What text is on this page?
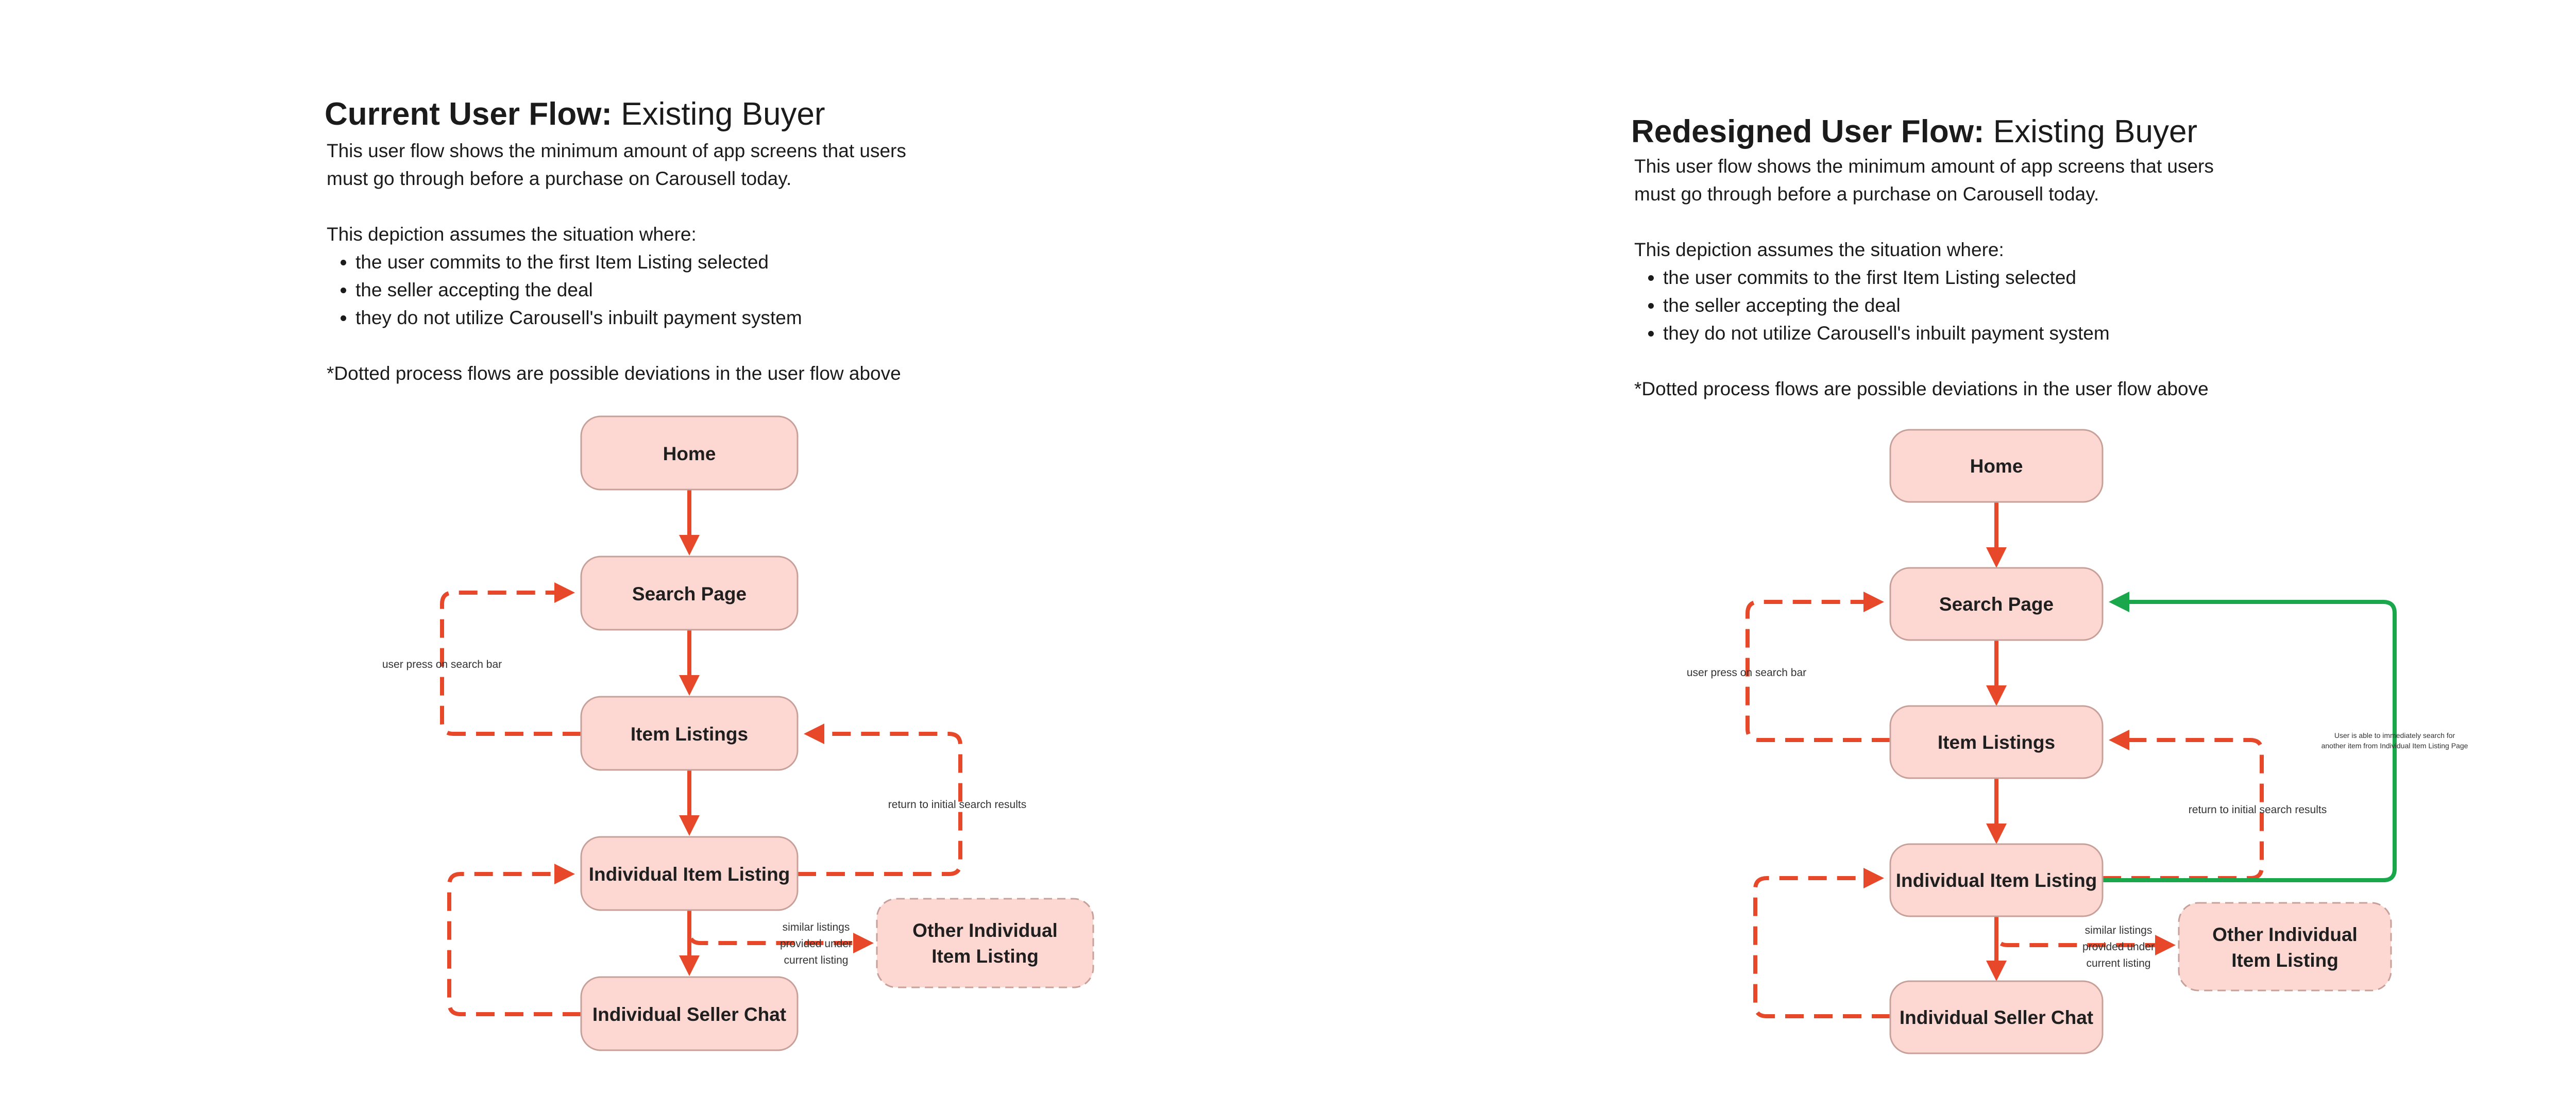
Current User Flow: Existing Buyer

This user flow shows the minimum amount of app screens that users

must go through before a purchase on Carousell today.

This depiction assumes the situation where:

• the user commits to the first Item Listing selected
• the seller accepting the deal
• they do not utilize Carousell's inbuilt payment system

*Dotted process flows are possible deviations in the user flow above

Home
Search Page
Item Listings
Individual Item Listing
Individual Seller Chat
Other Individual
Item Listing
user press on search bar
return to initial search results
similar listings
provided under
current listing
Redesigned User Flow: Existing Buyer

This user flow shows the minimum amount of app screens that users

must go through before a purchase on Carousell today.

This depiction assumes the situation where:

• the user commits to the first Item Listing selected
• the seller accepting the deal
• they do not utilize Carousell's inbuilt payment system

*Dotted process flows are possible deviations in the user flow above

Home
Search Page
Item Listings
Individual Item Listing
Individual Seller Chat
Other Individual
Item Listing
user press on search bar
return to initial search results
similar listings
provided under
current listing
User is able to immediately search for
another item from Individual Item Listing Page
